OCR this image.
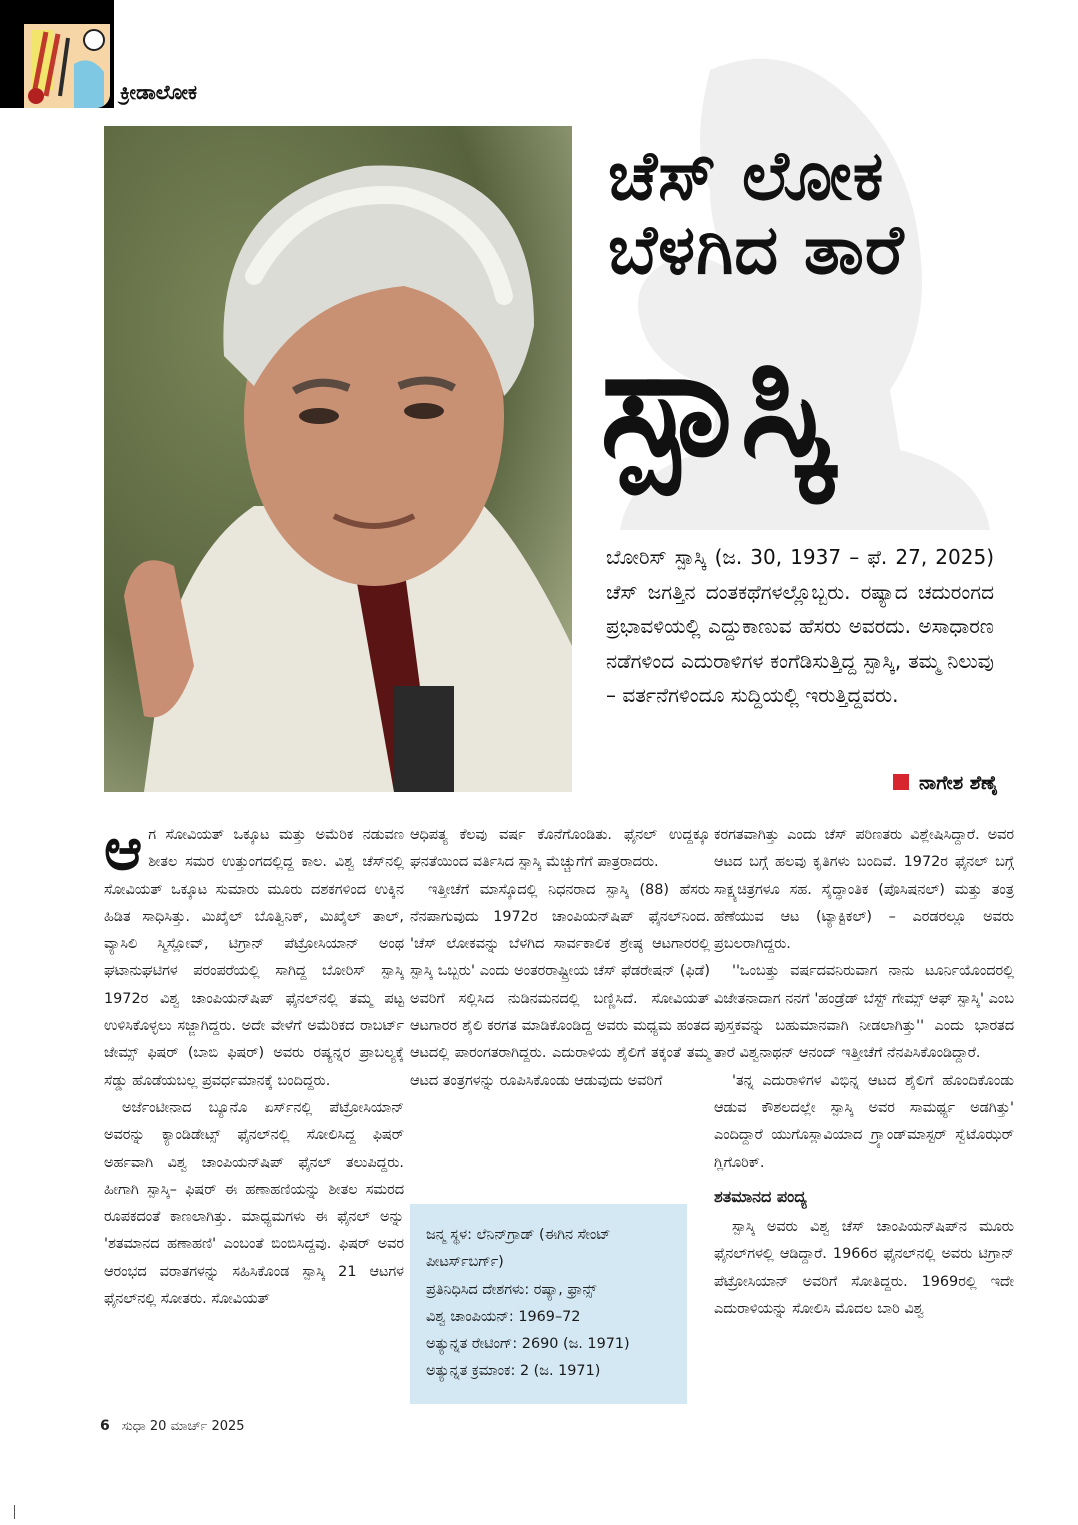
ಕ್ರೀಡಾಲೋಕ
ಚೆಸ್ ಲೋಕ
ಬೆಳಗಿದ ತಾರೆ
ಸ್ಪಾಸ್ಕಿ
ಬೋರಿಸ್ ಸ್ಪಾಸ್ಕಿ (ಜ. 30, 1937 – ಫೆ. 27, 2025) ಚೆಸ್ ಜಗತ್ತಿನ ದಂತಕಥೆಗಳಲ್ಲೊಬ್ಬರು. ರಷ್ಯಾದ ಚದುರಂಗದ ಪ್ರಭಾವಳಿಯಲ್ಲಿ ಎದ್ದುಕಾಣುವ ಹೆಸರು ಅವರದು. ಅಸಾಧಾರಣ ನಡೆಗಳಿಂದ ಎದುರಾಳಿಗಳ ಕಂಗೆಡಿಸುತ್ತಿದ್ದ ಸ್ಪಾಸ್ಕಿ, ತಮ್ಮ ನಿಲುವು – ವರ್ತನೆಗಳಿಂದೂ ಸುದ್ದಿಯಲ್ಲಿ ಇರುತ್ತಿದ್ದವರು.
ನಾಗೇಶ ಶೆಣೈ

ಆಗ ಸೋವಿಯತ್ ಒಕ್ಕೂಟ ಮತ್ತು ಅಮೆರಿಕ ನಡುವಣ ಶೀತಲ ಸಮರ ಉತ್ತುಂಗದಲ್ಲಿದ್ದ ಕಾಲ. ವಿಶ್ವ ಚೆಸ್‌ನಲ್ಲಿ ಸೋವಿಯತ್ ಒಕ್ಕೂಟ ಸುಮಾರು ಮೂರು ದಶಕಗಳಿಂದ ಉಕ್ಕಿನ ಹಿಡಿತ ಸಾಧಿಸಿತ್ತು. ಮಿಖೈಲ್ ಬೊತ್ವಿನಿಕ್, ಮಿಖೈಲ್ ತಾಲ್, ವ್ಯಾಸಿಲಿ ಸ್ಮಿಸ್ಲೋವ್, ಟಿಗ್ರಾನ್ ಪೆಟ್ರೋಸಿಯಾನ್ ಅಂಥ ಘಟಾನುಘಟಿಗಳ ಪರಂಪರೆಯಲ್ಲಿ ಸಾಗಿದ್ದ ಬೋರಿಸ್ ಸ್ಪಾಸ್ಕಿ 1972ರ ವಿಶ್ವ ಚಾಂಪಿಯನ್‌ಷಿಪ್ ಫೈನಲ್‌ನಲ್ಲಿ ತಮ್ಮ ಪಟ್ಟ ಉಳಿಸಿಕೊಳ್ಳಲು ಸಜ್ಜಾಗಿದ್ದರು. ಅದೇ ವೇಳೆಗೆ ಅಮೆರಿಕದ ರಾಬರ್ಟ್ ಜೇಮ್ಸ್ ಫಿಷರ್ (ಬಾಬಿ ಫಿಷರ್) ಅವರು ರಷ್ಯನ್ನರ ಪ್ರಾಬಲ್ಯಕ್ಕೆ ಸೆಡ್ಡು ಹೊಡೆಯಬಲ್ಲ ಪ್ರವರ್ಧಮಾನಕ್ಕೆ ಬಂದಿದ್ದರು.

ಅರ್ಜೆಂಟೀನಾದ ಬ್ಯೂನೊ ಏರ್ಸ್‌ನಲ್ಲಿ ಪೆಟ್ರೋಸಿಯಾನ್ ಅವರನ್ನು ಕ್ಯಾಂಡಿಡೇಟ್ಸ್ ಫೈನಲ್‌ನಲ್ಲಿ ಸೋಲಿಸಿದ್ದ ಫಿಷರ್ ಅರ್ಹವಾಗಿ ವಿಶ್ವ ಚಾಂಪಿಯನ್‌ಷಿಪ್ ಫೈನಲ್ ತಲುಪಿದ್ದರು. ಹೀಗಾಗಿ ಸ್ಪಾಸ್ಕಿ– ಫಿಷರ್ ಈ ಹಣಾಹಣಿಯನ್ನು ಶೀತಲ ಸಮರದ ರೂಪಕದಂತೆ ಕಾಣಲಾಗಿತ್ತು. ಮಾಧ್ಯಮಗಳು ಈ ಫೈನಲ್ ಅನ್ನು 'ಶತಮಾನದ ಹಣಾಹಣಿ' ಎಂಬಂತೆ ಬಿಂಬಿಸಿದ್ದವು. ಫಿಷರ್ ಅವರ ಆರಂಭದ ವರಾತಗಳನ್ನು ಸಹಿಸಿಕೊಂಡ ಸ್ಪಾಸ್ಕಿ 21 ಆಟಗಳ ಫೈನಲ್‌ನಲ್ಲಿ ಸೋತರು. ಸೋವಿಯತ್

ಆಧಿಪತ್ಯ ಕೆಲವು ವರ್ಷ ಕೊನೆಗೊಂಡಿತು. ಫೈನಲ್ ಉದ್ದಕ್ಕೂ ಘನತೆಯಿಂದ ವರ್ತಿಸಿದ ಸ್ಪಾಸ್ಕಿ ಮೆಚ್ಚುಗೆಗೆ ಪಾತ್ರರಾದರು.

ಇತ್ತೀಚೆಗೆ ಮಾಸ್ಕೊದಲ್ಲಿ ನಿಧನರಾದ ಸ್ಪಾಸ್ಕಿ (88) ಹೆಸರು ನೆನಪಾಗುವುದು 1972ರ ಚಾಂಪಿಯನ್‌ಷಿಪ್ ಫೈನಲ್‌ನಿಂದ. 'ಚೆಸ್ ಲೋಕವನ್ನು ಬೆಳಗಿದ ಸಾರ್ವಕಾಲಿಕ ಶ್ರೇಷ್ಠ ಆಟಗಾರರಲ್ಲಿ ಸ್ಪಾಸ್ಕಿ ಒಬ್ಬರು' ಎಂದು ಅಂತರರಾಷ್ಟ್ರೀಯ ಚೆಸ್ ಫೆಡರೇಷನ್ (ಫಿಡೆ) ಅವರಿಗೆ ಸಲ್ಲಿಸಿದ ನುಡಿನಮನದಲ್ಲಿ ಬಣ್ಣಿಸಿದೆ. ಸೋವಿಯತ್ ಆಟಗಾರರ ಶೈಲಿ ಕರಗತ ಮಾಡಿಕೊಂಡಿದ್ದ ಅವರು ಮಧ್ಯಮ ಹಂತದ ಆಟದಲ್ಲಿ ಪಾರಂಗತರಾಗಿದ್ದರು. ಎದುರಾಳಿಯ ಶೈಲಿಗೆ ತಕ್ಕಂತೆ ತಮ್ಮ ಆಟದ ತಂತ್ರಗಳನ್ನು ರೂಪಿಸಿಕೊಂಡು ಆಡುವುದು ಅವರಿಗೆ

ಜನ್ಮ ಸ್ಥಳ: ಲೆನಿನ್‌ಗ್ರಾಡ್ (ಈಗಿನ ಸೇಂಟ್ ಪೀಟರ್ಸ್‌ಬರ್ಗ್)
ಪ್ರತಿನಿಧಿಸಿದ ದೇಶಗಳು: ರಷ್ಯಾ, ಫ್ರಾನ್ಸ್
ವಿಶ್ವ ಚಾಂಪಿಯನ್: 1969–72
ಅತ್ಯುನ್ನತ ರೇಟಿಂಗ್: 2690 (ಜ. 1971)
ಅತ್ಯುನ್ನತ ಕ್ರಮಾಂಕ: 2 (ಜ. 1971)

ಕರಗತವಾಗಿತ್ತು ಎಂದು ಚೆಸ್ ಪರಿಣತರು ವಿಶ್ಲೇಷಿಸಿದ್ದಾರೆ. ಅವರ ಆಟದ ಬಗ್ಗೆ ಹಲವು ಕೃತಿಗಳು ಬಂದಿವೆ. 1972ರ ಫೈನಲ್ ಬಗ್ಗೆ ಸಾಕ್ಷ್ಯಚಿತ್ರಗಳೂ ಸಹ. ಸೈದ್ಧಾಂತಿಕ (ಪೊಸಿಷನಲ್) ಮತ್ತು ತಂತ್ರ ಹೆಣೆಯುವ ಆಟ (ಟ್ಯಾಕ್ಟಿಕಲ್) – ಎರಡರಲ್ಲೂ ಅವರು ಪ್ರಬಲರಾಗಿದ್ದರು.

''ಒಂಬತ್ತು ವರ್ಷದವನಿರುವಾಗ ನಾನು ಟೂರ್ನಿಯೊಂದರಲ್ಲಿ ವಿಜೇತನಾದಾಗ ನನಗೆ 'ಹಂಡ್ರೆಡ್ ಬೆಸ್ಟ್ ಗೇಮ್ಸ್ ಆಫ್ ಸ್ಪಾಸ್ಕಿ' ಎಂಬ ಪುಸ್ತಕವನ್ನು ಬಹುಮಾನವಾಗಿ ನೀಡಲಾಗಿತ್ತು'' ಎಂದು ಭಾರತದ ತಾರೆ ವಿಶ್ವನಾಥನ್ ಆನಂದ್ ಇತ್ತೀಚೆಗೆ ನೆನಪಿಸಿಕೊಂಡಿದ್ದಾರೆ.

'ತನ್ನ ಎದುರಾಳಿಗಳ ವಿಭಿನ್ನ ಆಟದ ಶೈಲಿಗೆ ಹೊಂದಿಕೊಂಡು ಆಡುವ ಕೌಶಲದಲ್ಲೇ ಸ್ಪಾಸ್ಕಿ ಅವರ ಸಾಮರ್ಥ್ಯ ಅಡಗಿತ್ತು' ಎಂದಿದ್ದಾರೆ ಯುಗೊಸ್ಲಾವಿಯಾದ ಗ್ರ್ಯಾಂಡ್‌ಮಾಸ್ಟರ್ ಸ್ವೆಟೊಝರ್ ಗ್ಲಿಗೊರಿಕ್.

ಶತಮಾನದ ಪಂದ್ಯ

ಸ್ಪಾಸ್ಕಿ ಅವರು ವಿಶ್ವ ಚೆಸ್ ಚಾಂಪಿಯನ್‌ಷಿಪ್‌ನ ಮೂರು ಫೈನಲ್‌ಗಳಲ್ಲಿ ಆಡಿದ್ದಾರೆ. 1966ರ ಫೈನಲ್‌ನಲ್ಲಿ ಅವರು ಟಿಗ್ರಾನ್ ಪೆಟ್ರೋಸಿಯಾನ್ ಅವರಿಗೆ ಸೋತಿದ್ದರು. 1969ರಲ್ಲಿ ಇದೇ ಎದುರಾಳಿಯನ್ನು ಸೋಲಿಸಿ ಮೊದಲ ಬಾರಿ ವಿಶ್ವ

6 ಸುಧಾ 20 ಮಾರ್ಚ್ 2025
